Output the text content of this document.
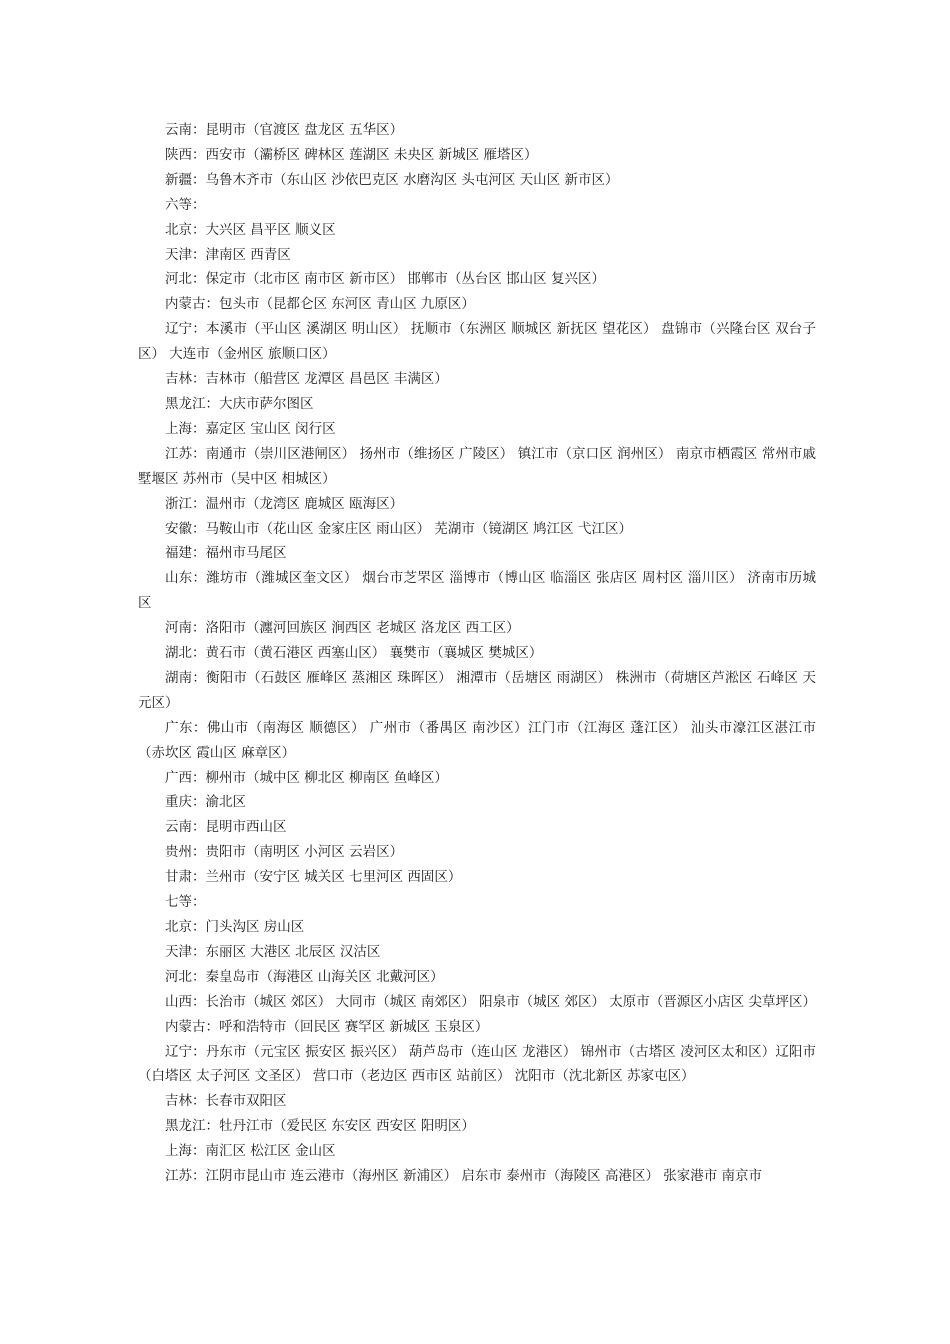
云南：昆明市（官渡区 盘龙区 五华区）

陕西：西安市（灞桥区 碑林区 莲湖区 未央区 新城区 雁塔区）

新疆：乌鲁木齐市（东山区 沙依巴克区 水磨沟区 头屯河区 天山区 新市区）

六等：

北京：大兴区 昌平区 顺义区

天津：津南区 西青区

河北：保定市（北市区 南市区 新市区） 邯郸市（丛台区 邯山区 复兴区）

内蒙古：包头市（昆都仑区 东河区 青山区 九原区）

辽宁：本溪市（平山区 溪湖区 明山区） 抚顺市（东洲区 顺城区 新抚区 望花区） 盘锦市（兴隆台区 双台子区） 大连市（金州区 旅顺口区）

吉林：吉林市（船营区 龙潭区 昌邑区 丰满区）

黑龙江：大庆市萨尔图区

上海：嘉定区 宝山区 闵行区

江苏：南通市（崇川区港闸区） 扬州市（维扬区 广陵区） 镇江市（京口区 润州区） 南京市栖霞区 常州市戚墅堰区 苏州市（吴中区 相城区）

浙江：温州市（龙湾区 鹿城区 瓯海区）

安徽：马鞍山市（花山区 金家庄区 雨山区） 芜湖市（镜湖区 鸠江区 弋江区）

福建：福州市马尾区

山东：潍坊市（潍城区奎文区） 烟台市芝罘区 淄博市（博山区 临淄区 张店区 周村区 淄川区） 济南市历城区

河南：洛阳市（瀍河回族区 涧西区 老城区 洛龙区 西工区）

湖北：黄石市（黄石港区 西塞山区） 襄樊市（襄城区 樊城区）

湖南：衡阳市（石鼓区 雁峰区 蒸湘区 珠晖区） 湘潭市（岳塘区 雨湖区） 株洲市（荷塘区芦淞区 石峰区 天元区）

广东：佛山市（南海区 顺德区） 广州市（番禺区 南沙区）江门市（江海区 蓬江区） 汕头市濠江区湛江市（赤坎区 霞山区 麻章区）

广西：柳州市（城中区 柳北区 柳南区 鱼峰区）

重庆：渝北区

云南：昆明市西山区

贵州：贵阳市（南明区 小河区 云岩区）

甘肃：兰州市（安宁区 城关区 七里河区 西固区）

七等：

北京：门头沟区 房山区

天津：东丽区 大港区 北辰区 汉沽区

河北：秦皇岛市（海港区 山海关区 北戴河区）

山西：长治市（城区 郊区） 大同市（城区 南郊区） 阳泉市（城区 郊区） 太原市（晋源区小店区 尖草坪区）

内蒙古：呼和浩特市（回民区 赛罕区 新城区 玉泉区）

辽宁：丹东市（元宝区 振安区 振兴区） 葫芦岛市（连山区 龙港区） 锦州市（古塔区 凌河区太和区）辽阳市（白塔区 太子河区 文圣区） 营口市（老边区 西市区 站前区） 沈阳市（沈北新区 苏家屯区）

吉林：长春市双阳区

黑龙江：牡丹江市（爱民区 东安区 西安区 阳明区）

上海：南汇区 松江区 金山区

江苏：江阴市昆山市 连云港市（海州区 新浦区） 启东市 泰州市（海陵区 高港区） 张家港市 南京市
